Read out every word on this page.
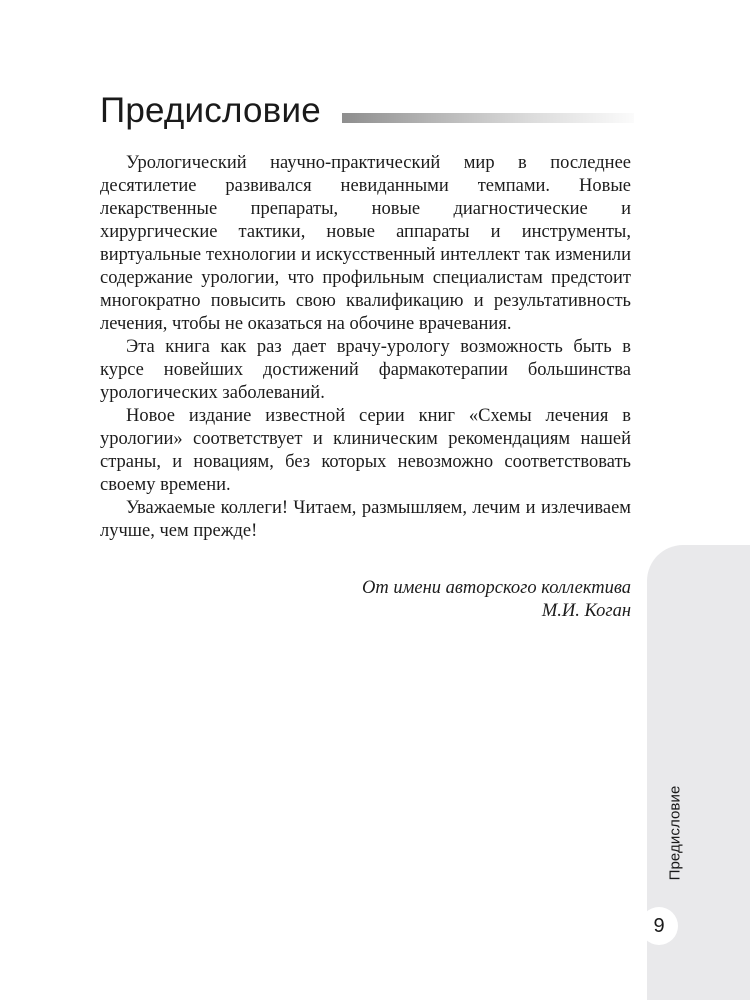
Предисловие

Урологический научно-практический мир в последнее десятилетие развивался невиданными темпами. Новые лекарственные препараты, новые диагностические и хирургические тактики, новые аппараты и инструменты, виртуальные технологии и искусственный интеллект так изменили содержание урологии, что профильным специалистам предстоит многократно повысить свою квалификацию и результативность лечения, чтобы не оказаться на обочине врачевания.

Эта книга как раз дает врачу-урологу возможность быть в курсе новейших достижений фармакотерапии большинства урологических заболеваний.

Новое издание известной серии книг «Схемы лечения в урологии» соответствует и клиническим рекомендациям нашей страны, и новациям, без которых невозможно соответствовать своему времени.

Уважаемые коллеги! Читаем, размышляем, лечим и излечиваем лучше, чем прежде!

От имени авторского коллектива
М.И. Коган
Предисловие
9
